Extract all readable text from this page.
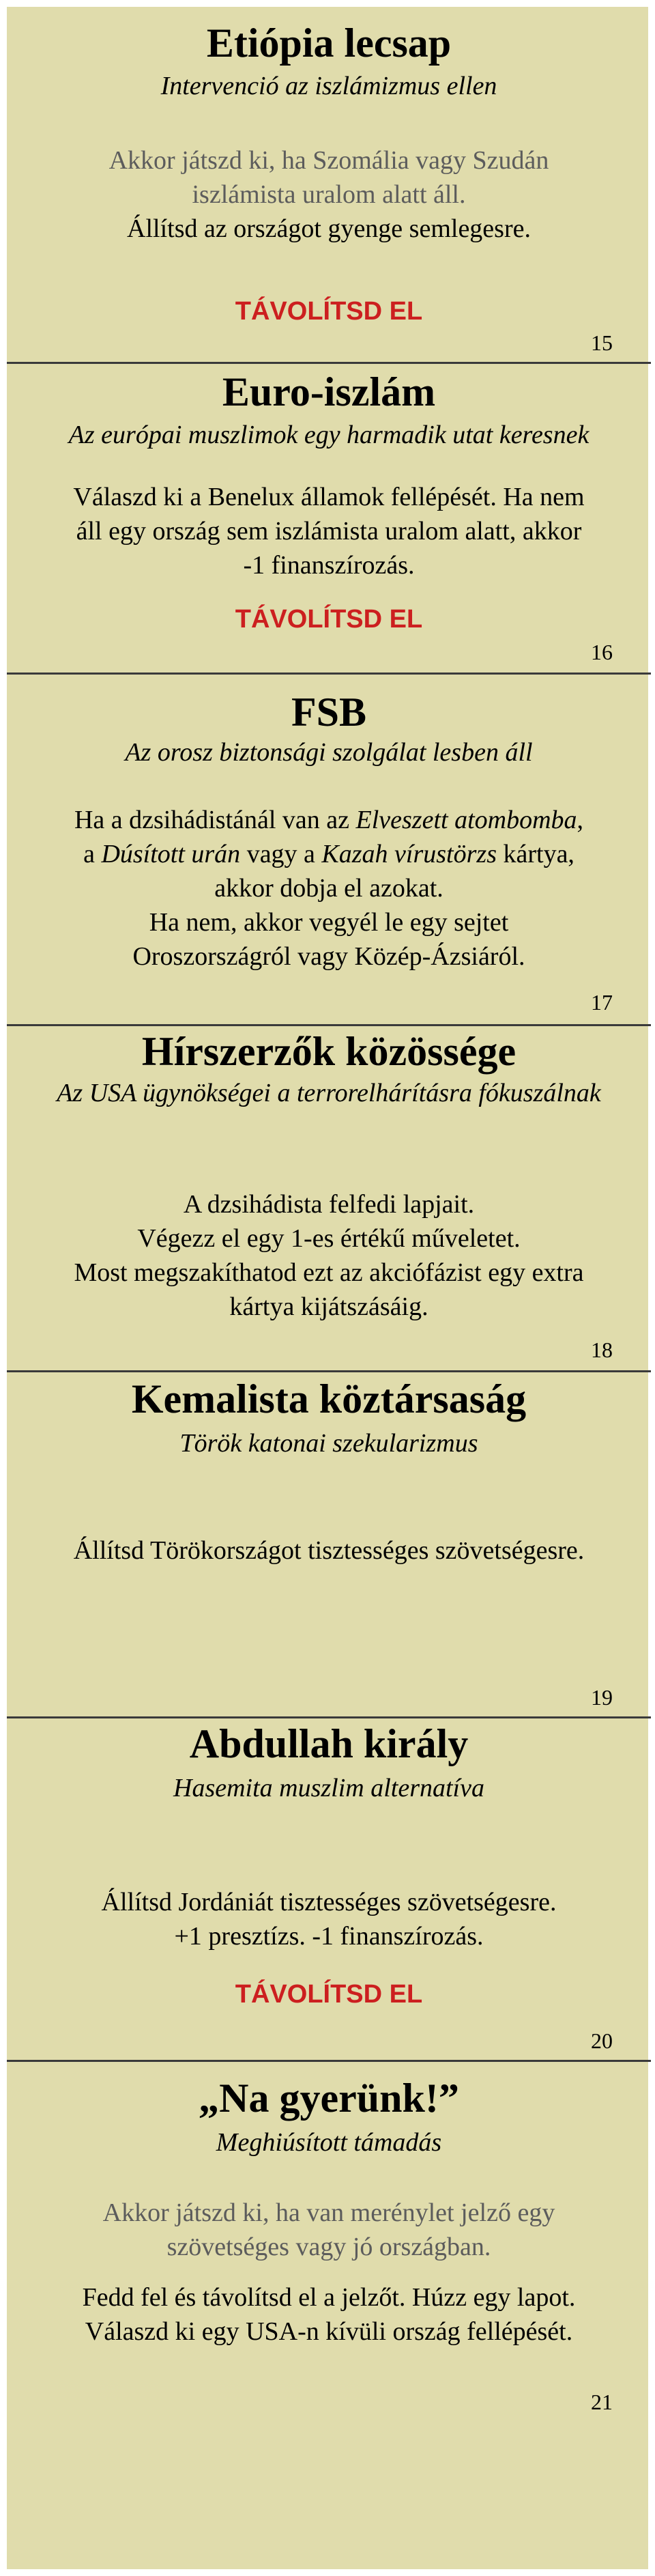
Etiópia lecsap
Intervenció az iszlámizmus ellen
Akkor játszd ki, ha Szomália vagy Szudán
iszlámista uralom alatt áll.
Állítsd az országot gyenge semlegesre.
TÁVOLÍTSD EL
15
Euro-iszlám
Az európai muszlimok egy harmadik utat keresnek
Válaszd ki a Benelux államok fellépését. Ha nem
áll egy ország sem iszlámista uralom alatt, akkor
-1 finanszírozás.
TÁVOLÍTSD EL
16
FSB
Az orosz biztonsági szolgálat lesben áll
Ha a dzsihádistánál van az Elveszett atombomba,
a Dúsított urán vagy a Kazah vírustörzs kártya,
akkor dobja el azokat.
Ha nem, akkor vegyél le egy sejtet
Oroszországról vagy Közép-Ázsiáról.
17
Hírszerzők közössége
Az USA ügynökségei a terrorelhárításra fókuszálnak
A dzsihádista felfedi lapjait.
Végezz el egy 1-es értékű műveletet.
Most megszakíthatod ezt az akciófázist egy extra
kártya kijátszásáig.
18
Kemalista köztársaság
Török katonai szekularizmus
Állítsd Törökországot tisztességes szövetségesre.
19
Abdullah király
Hasemita muszlim alternatíva
Állítsd Jordániát tisztességes szövetségesre.
+1 presztízs. -1 finanszírozás.
TÁVOLÍTSD EL
20
„Na gyerünk!”
Meghiúsított támadás
Akkor játszd ki, ha van merénylet jelző egy
szövetséges vagy jó országban.
Fedd fel és távolítsd el a jelzőt. Húzz egy lapot.
Válaszd ki egy USA-n kívüli ország fellépését.
21
